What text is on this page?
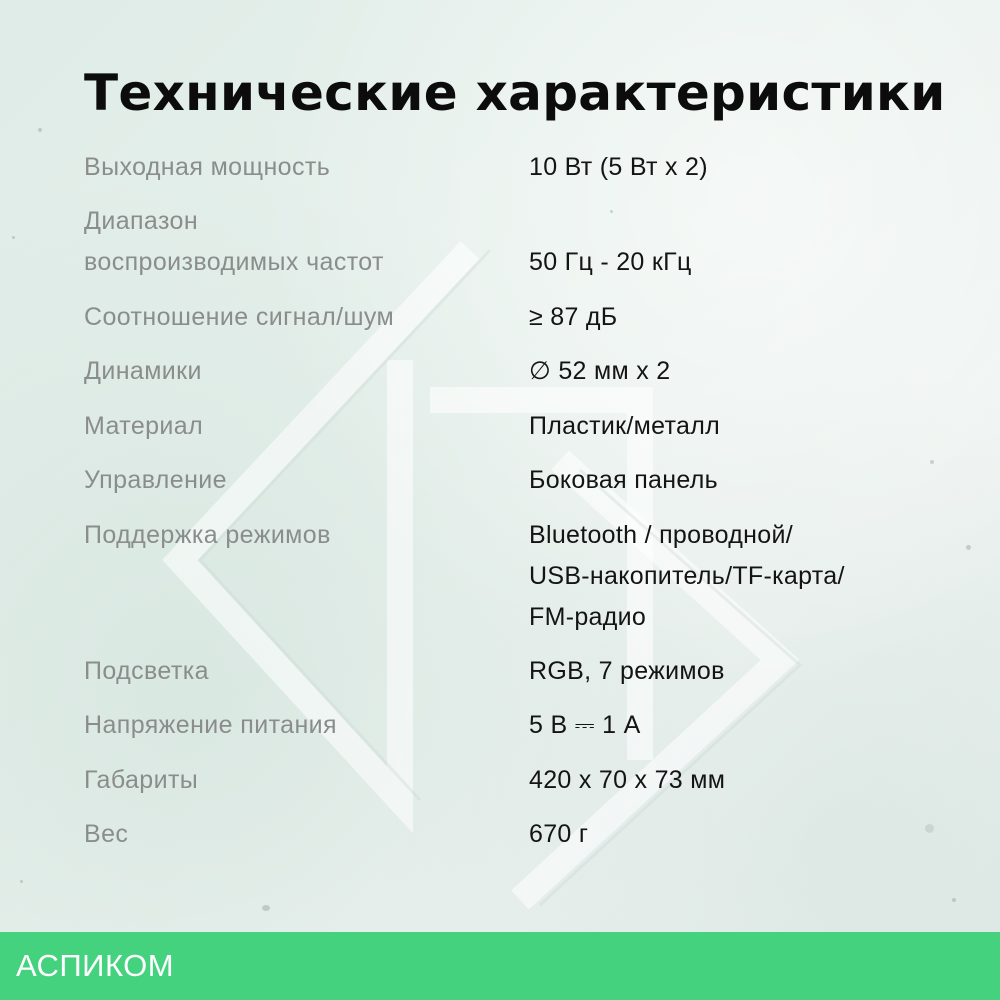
Технические характеристики
Выходная мощность	10 Вт (5 Вт х 2)
Диапазон
воспроизводимых частот	50 Гц - 20 кГц
Соотношение сигнал/шум	≥ 87 дБ
Динамики	∅ 52 мм х 2
Материал	Пластик/металл
Управление	Боковая панель
Поддержка режимов	Bluetooth / проводной/
USB-накопитель/TF-карта/
FM-радио
Подсветка	RGB, 7 режимов
Напряжение питания	5 В ⎓ 1 А
Габариты	420 х 70 х 73 мм
Вес	670 г
АСПИКОМ
